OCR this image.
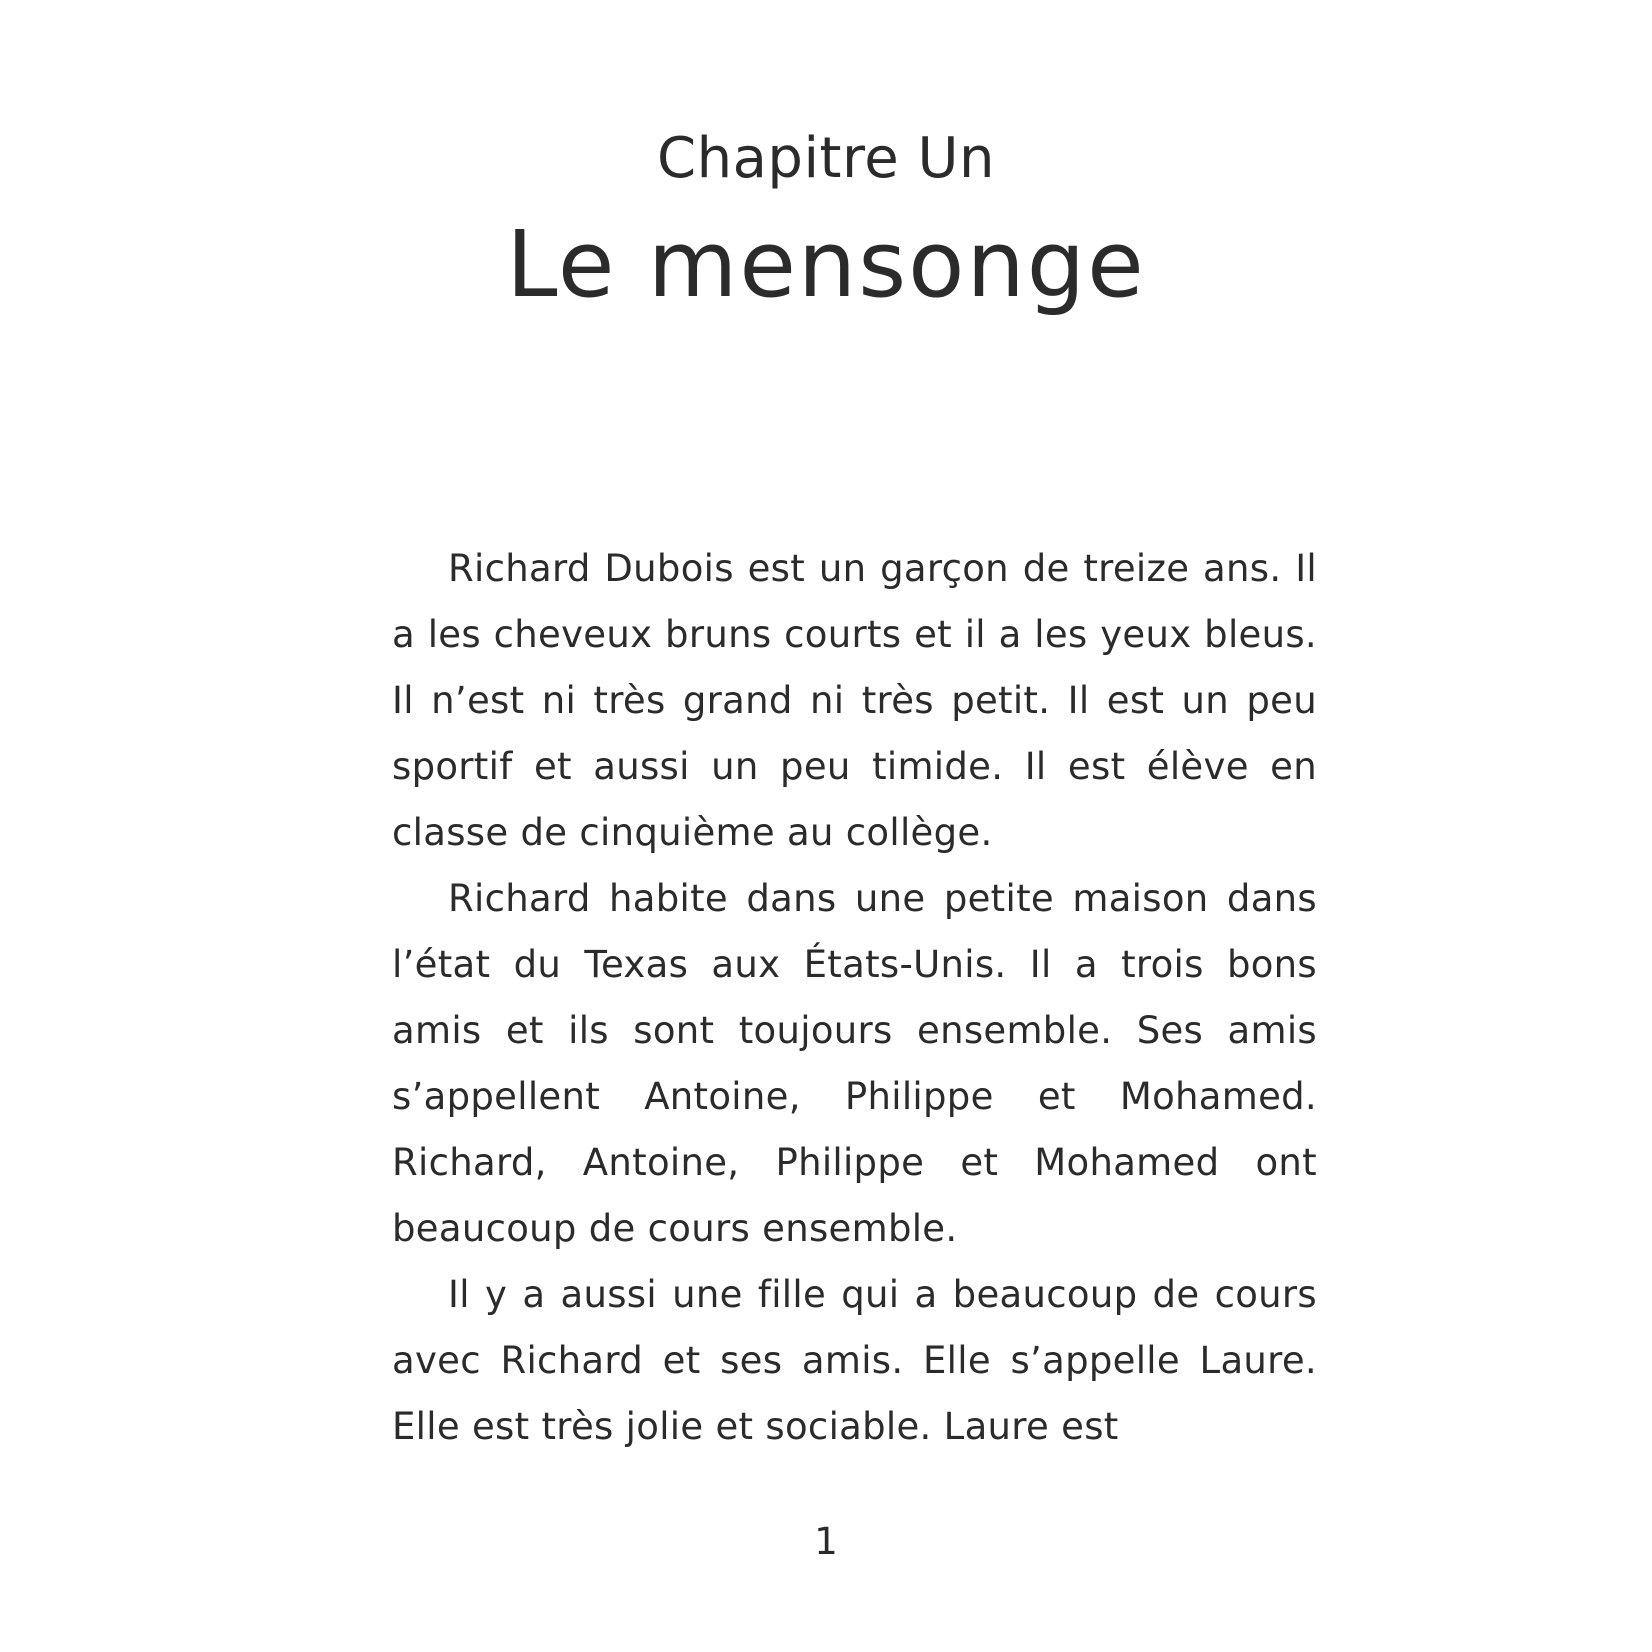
Chapitre Un
Le mensonge

Richard Dubois est un garçon de treize ans. Il a les cheveux bruns courts et il a les yeux bleus. Il n’est ni très grand ni très petit. Il est un peu sportif et aussi un peu timide. Il est élève en classe de cinquième au collège.

Richard habite dans une petite maison dans l’état du Texas aux États-Unis. Il a trois bons amis et ils sont toujours ensemble. Ses amis s’appellent Antoine, Philippe et Mohamed. Richard, Antoine, Philippe et Mohamed ont beaucoup de cours ensemble.

Il y a aussi une fille qui a beaucoup de cours avec Richard et ses amis. Elle s’appelle Laure. Elle est très jolie et sociable. Laure est

1
